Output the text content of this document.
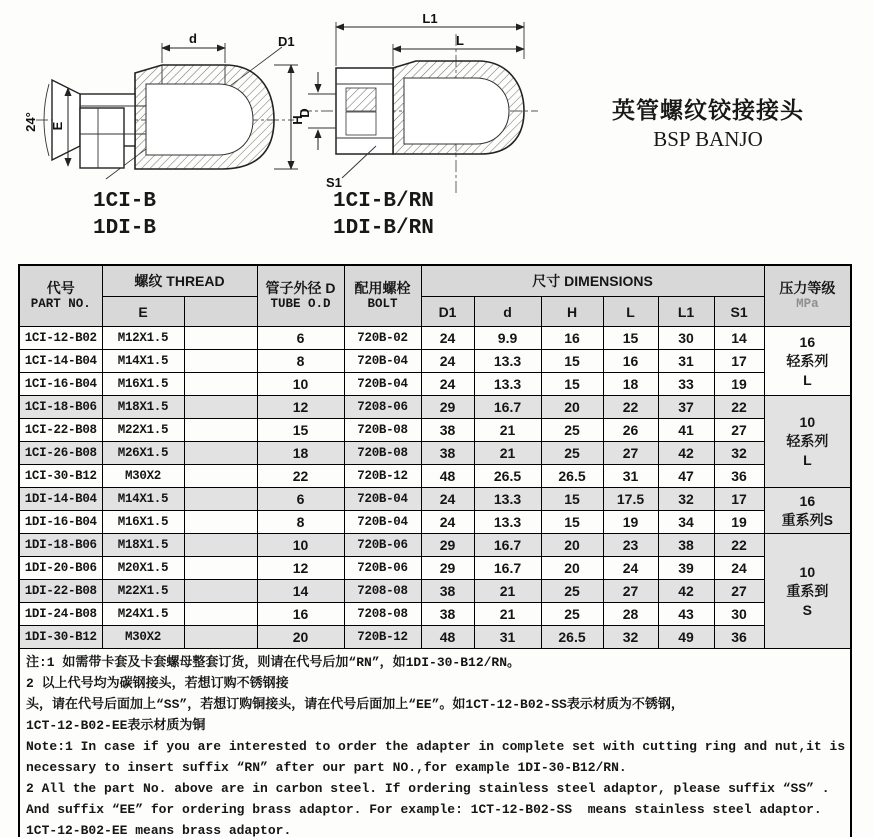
d	D1
H
E
24°
L1
L
D
S1
1CI-B
1DI-B
1CI-B/RN
1DI-B/RN
英管螺纹铰接接头
BSP BANJO
代号
PART NO.
	螺纹 THREAD	管子外径 D
TUBE O.D

配用螺栓
BOLT
	尺寸 DIMENSIONS	压力等级
MPa

	E				D1	d	H	L	L1	S1	
1CI-12-B02	M12X1.5		6	720B-02	24	9.9	16	15	30	14	16
轻系列
L
1CI-14-B04	M14X1.5		8	720B-04	24	13.3	15	16	31	17	
1CI-16-B04	M16X1.5		10	720B-04	24	13.3	15	18	33	19	
1CI-18-B06	M18X1.5		12	7208-06	29	16.7	20	22	37	22	10
轻系列
L
1CI-22-B08	M22X1.5		15	720B-08	38	21	25	26	41	27	
1CI-26-B08	M26X1.5		18	720B-08	38	21	25	27	42	32	
1CI-30-B12	M30X2		22	720B-12	48	26.5	26.5	31	47	36	
1DI-14-B04	M14X1.5		6	720B-04	24	13.3	15	17.5	32	17	16
重系列S
1DI-16-B04	M16X1.5		8	720B-04	24	13.3	15	19	34	19	
1DI-18-B06	M18X1.5		10	720B-06	29	16.7	20	23	38	22	10
重系到
S
1DI-20-B06	M20X1.5		12	720B-06	29	16.7	20	24	39	24	
1DI-22-B08	M22X1.5		14	7208-08	38	21	25	27	42	27	
1DI-24-B08	M24X1.5		16	7208-08	38	21	25	28	43	30	
1DI-30-B12	M30X2		20	720B-12	48	31	26.5	32	49	36	

注:1 如需带卡套及卡套螺母整套订货，则请在代号后加“RN”，如1DI-30-B12/RN。
2 以上代号均为碳钢接头，若想订购不锈钢接
头，请在代号后面加上“SS”，若想订购铜接头，请在代号后面加上“EE”。如1CT-12-B02-SS表示材质为不锈钢，
1CT-12-B02-EE表示材质为铜
Note:1 In case if you are interested to order the adapter in complete set with cutting ring and nut,it is
necessary to insert suffix “RN” after our part NO.,for example 1DI-30-B12/RN.
2 All the part No. above are in carbon steel. If ordering stainless steel adaptor, please suffix “SS” .
And suffix “EE” for ordering brass adaptor. For example: 1CT-12-B02-SS  means stainless steel adaptor.
1CT-12-B02-EE means brass adaptor.
